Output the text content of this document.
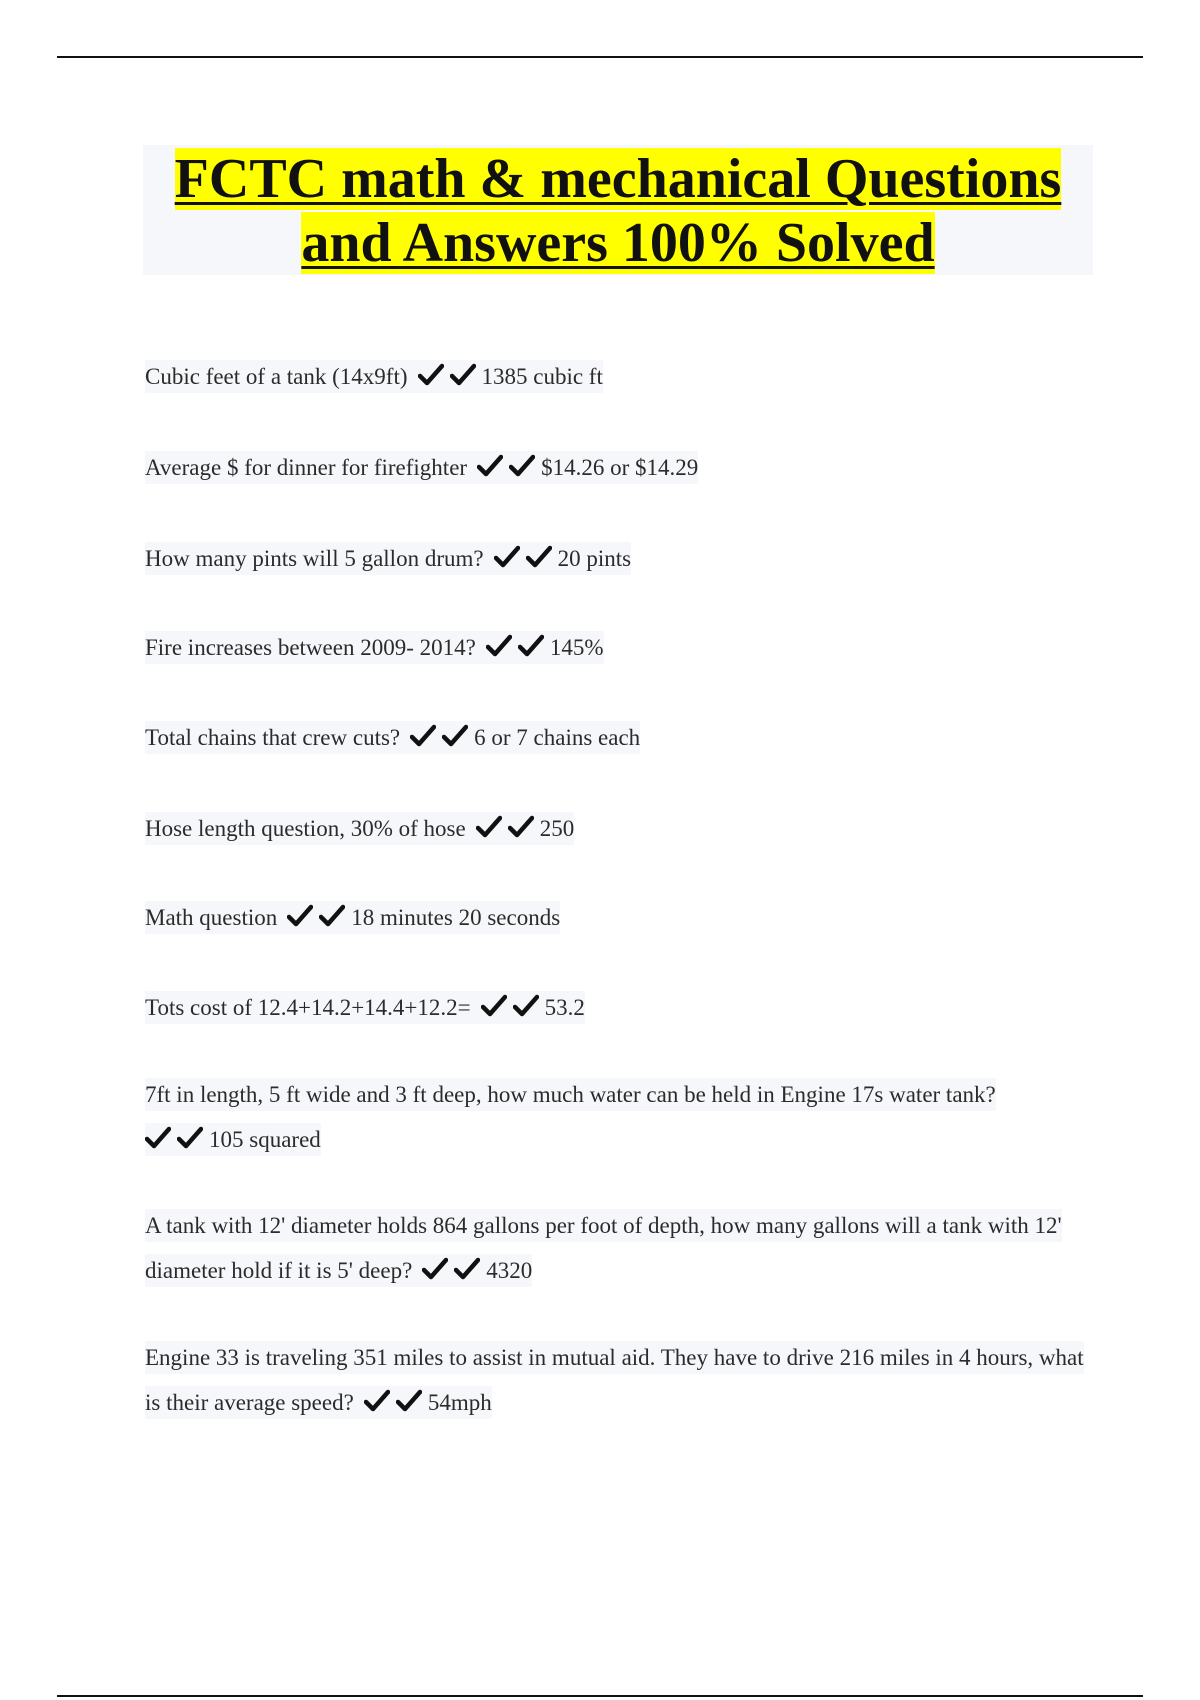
FCTC math & mechanical Questions
and Answers 100% Solved
Cubic feet of a tank (14x9ft)	1385 cubic ft
Average $ for dinner for firefighter	$14.26 or $14.29
How many pints will 5 gallon drum?	20 pints
Fire increases between 2009- 2014?	145%
Total chains that crew cuts?	6 or 7 chains each
Hose length question, 30% of hose	250
Math question	18 minutes 20 seconds
Tots cost of 12.4+14.2+14.4+12.2=	53.2
7ft in length, 5 ft wide and 3 ft deep, how much water can be held in Engine 17s water tank?
105 squared
A tank with 12' diameter holds 864 gallons per foot of depth, how many gallons will a tank with 12' diameter hold if it is 5' deep?	4320
Engine 33 is traveling 351 miles to assist in mutual aid. They have to drive 216 miles in 4 hours, what is their average speed?	54mph
